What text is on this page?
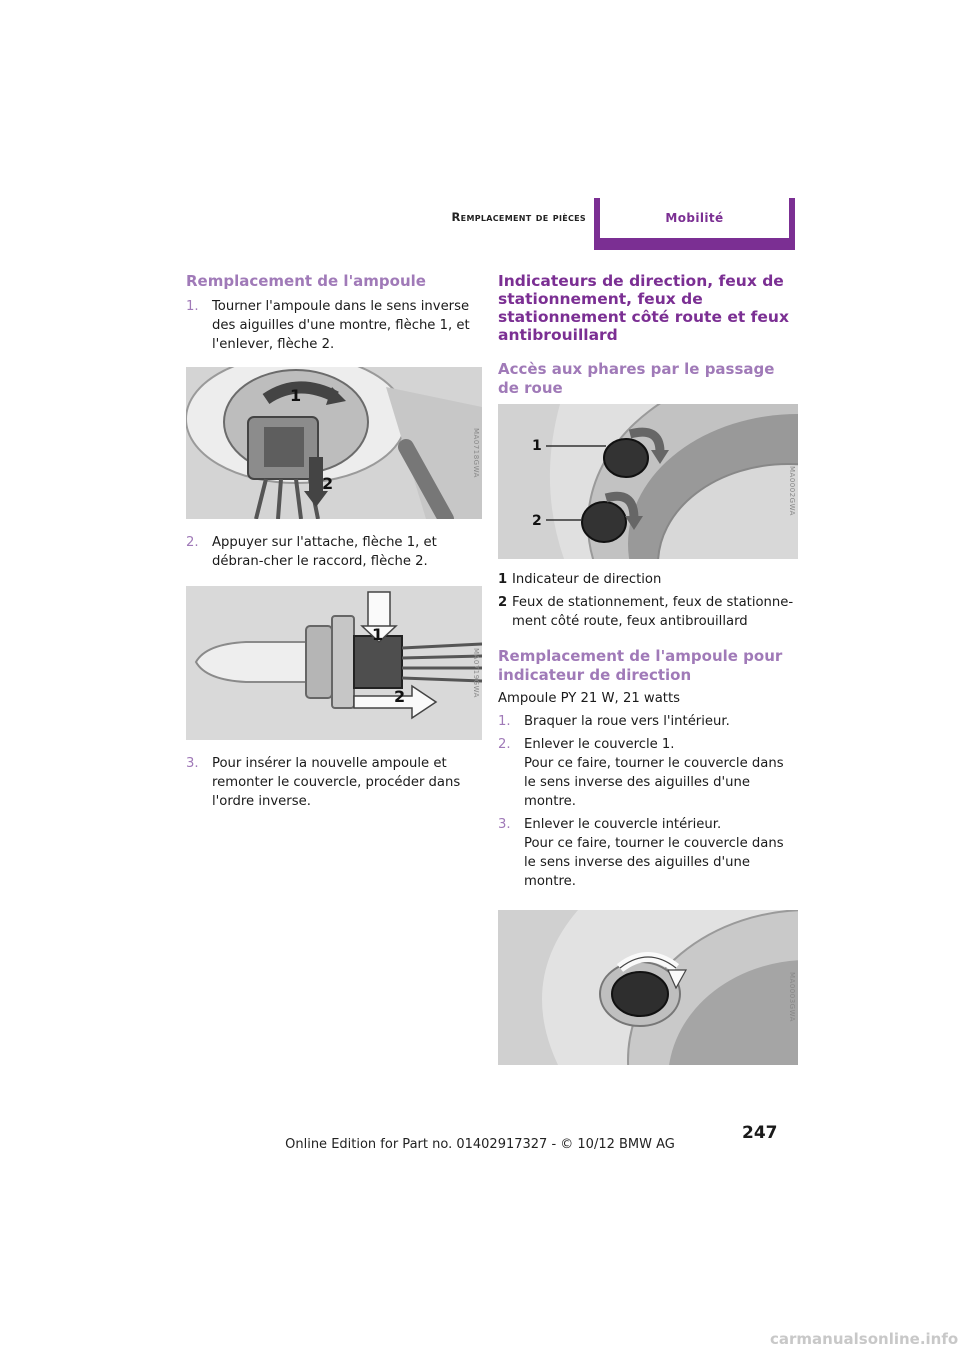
Remplacement de pièces	Mobilité
Remplacement de l'ampoule
1. Tourner l'ampoule dans le sens inverse des aiguilles d'une montre, flèche 1, et l'enlever, flèche 2.
1
2
MA0718GWA
2. Appuyer sur l'attache, flèche 1, et débran-cher le raccord, flèche 2.
1
2	MA0719GWA
3. Pour insérer la nouvelle ampoule et remonter le couvercle, procéder dans l'ordre inverse.
Indicateurs de direction, feux de stationnement, feux de stationnement côté route et feux antibrouillard
Accès aux phares par le passage de roue
1
2
MA0002GWA
1 Indicateur de direction
2 Feux de stationnement, feux de stationne-ment côté route, feux antibrouillard
Remplacement de l'ampoule pour indicateur de direction

Ampoule PY 21 W, 21 watts

1. Braquer la roue vers l'intérieur.
2. Enlever le couvercle 1.
Pour ce faire, tourner le couvercle dans le sens inverse des aiguilles d'une montre.
3. Enlever le couvercle intérieur.
Pour ce faire, tourner le couvercle dans le sens inverse des aiguilles d'une montre.
MA0003GWA
247
Online Edition for Part no. 01402917327 - © 10/12 BMW AG
carmanualsonline.info
